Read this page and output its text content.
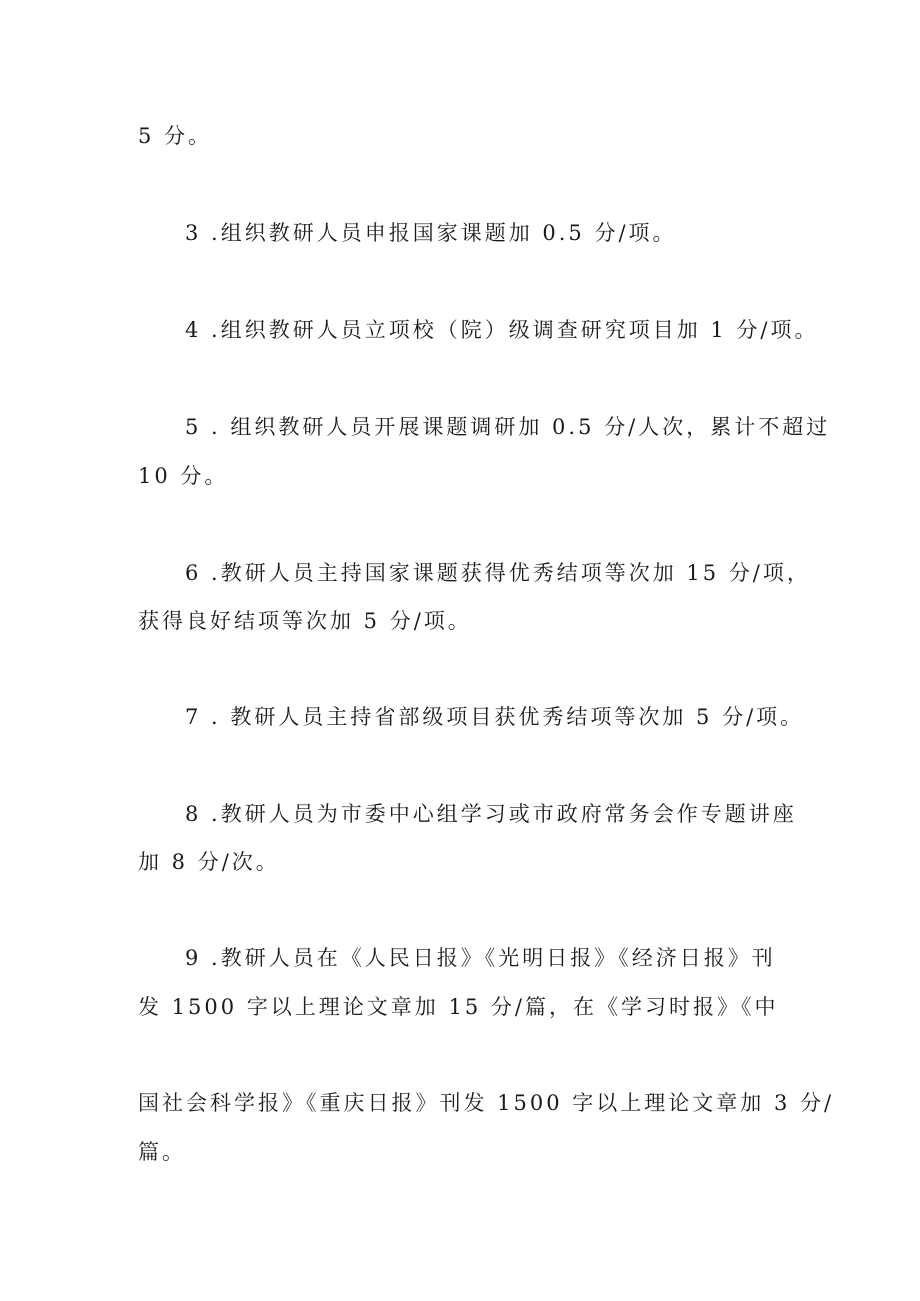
5 分。
3 .组织教研人员申报国家课题加 0.5 分/项。
4 .组织教研人员立项校（院）级调查研究项目加 1 分/项。
5 . 组织教研人员开展课题调研加 0.5 分/人次，累计不超过
10 分。
6 .教研人员主持国家课题获得优秀结项等次加 15 分/项，
获得良好结项等次加 5 分/项。
7 . 教研人员主持省部级项目获优秀结项等次加 5 分/项。
8 .教研人员为市委中心组学习或市政府常务会作专题讲座
加 8 分/次。
9 .教研人员在《人民日报》《光明日报》《经济日报》刊
发 1500 字以上理论文章加 15 分/篇，在《学习时报》《中
国社会科学报》《重庆日报》刊发 1500 字以上理论文章加 3 分/
篇。
